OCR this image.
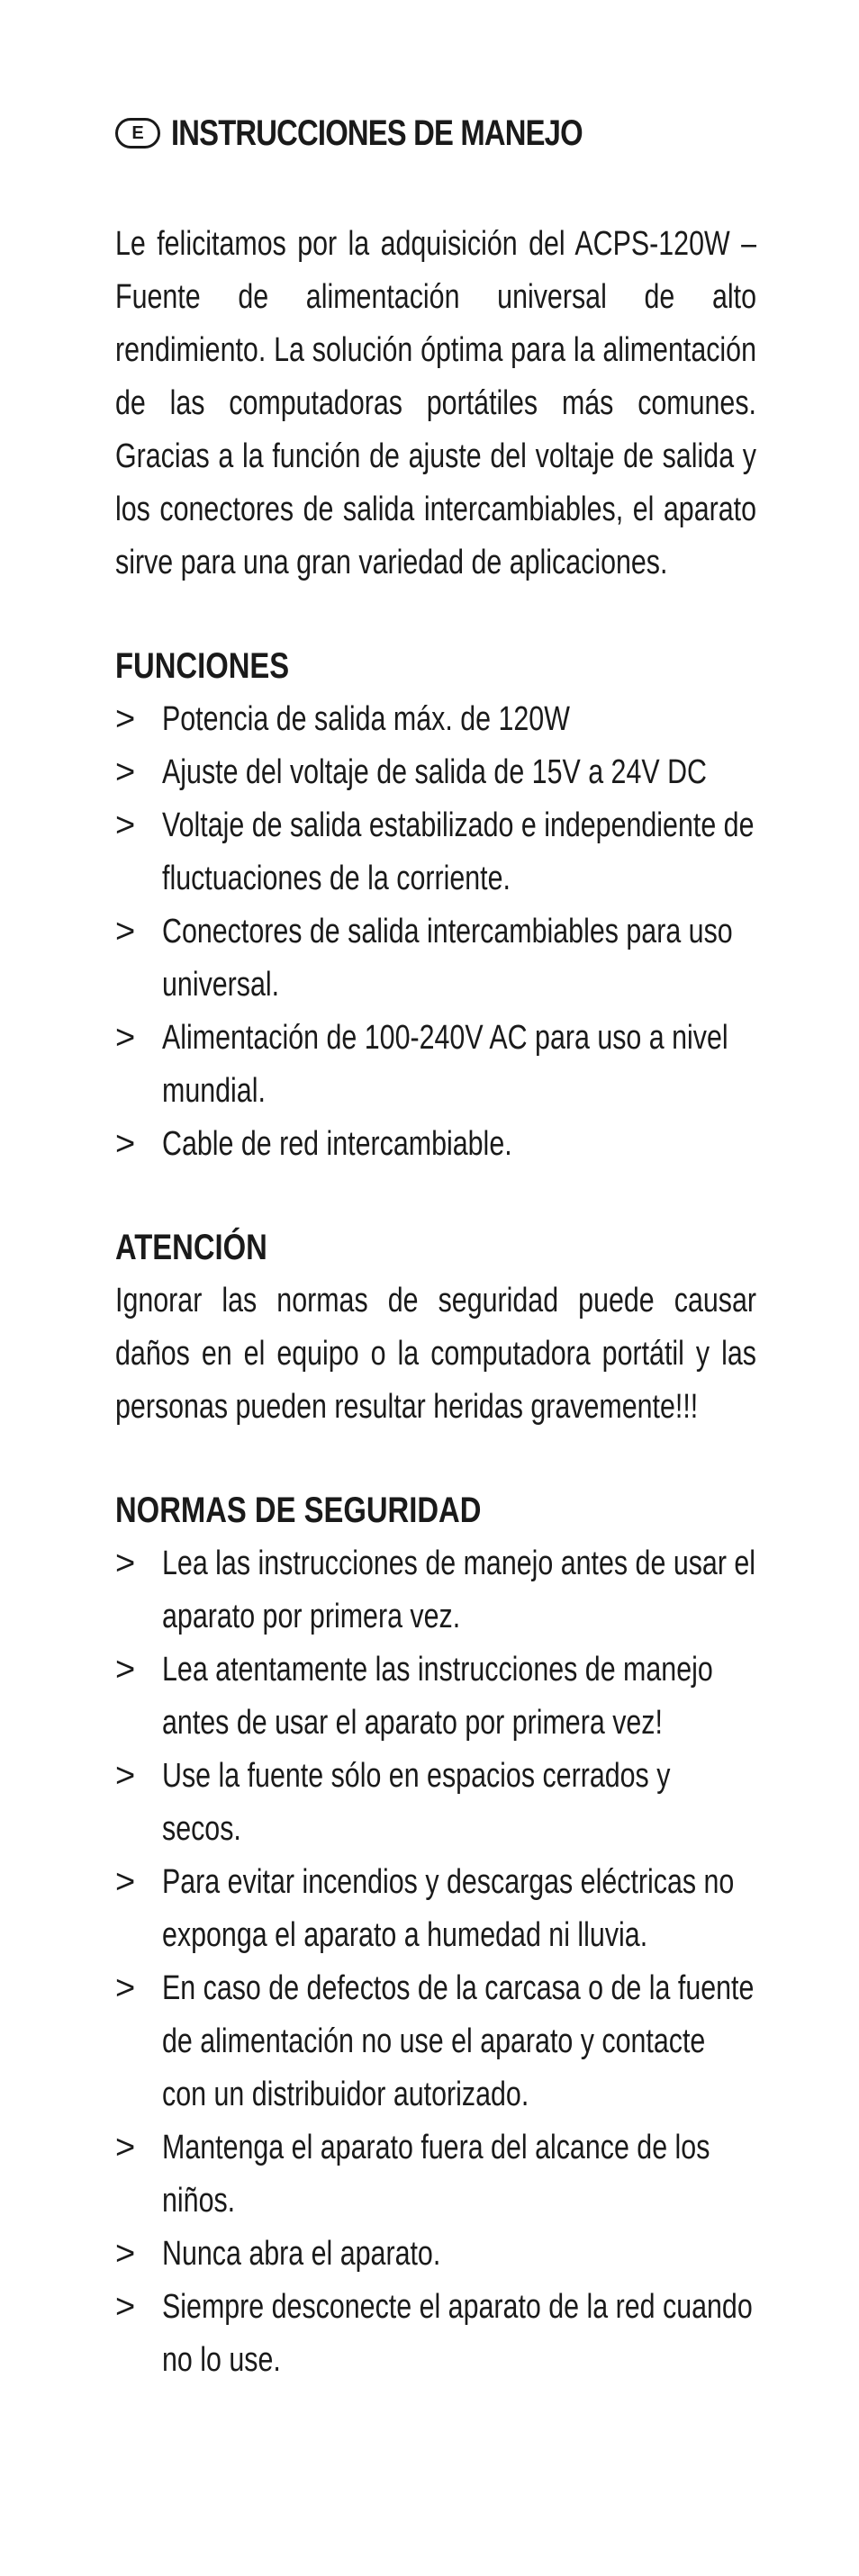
E INSTRUCCIONES DE MANEJO

Le felicitamos por la adquisición del ACPS-120W – Fuente de alimentación universal de alto rendimiento. La solución óptima para la alimentación de las computadoras portátiles más comunes. Gracias a la función de ajuste del voltaje de salida y los conectores de salida intercambiables, el aparato sirve para una gran variedad de aplicaciones.

FUNCIONES
> Potencia de salida máx. de 120W
> Ajuste del voltaje de salida de 15V a 24V DC
> Voltaje de salida estabilizado e independiente de fluctuaciones de la corriente.
> Conectores de salida intercambiables para uso universal.
> Alimentación de 100-240V AC para uso a nivel mundial.
> Cable de red intercambiable.
ATENCIÓN

Ignorar las normas de seguridad puede causar daños en el equipo o la computadora portátil y las personas pueden resultar heridas gravemente!!!

NORMAS DE SEGURIDAD
> Lea las instrucciones de manejo antes de usar el aparato por primera vez.
> Lea atentamente las instrucciones de manejo antes de usar el aparato por primera vez!
> Use la fuente sólo en espacios cerrados y secos.
> Para evitar incendios y descargas eléctricas no exponga el aparato a humedad ni lluvia.
> En caso de defectos de la carcasa o de la fuente de alimentación no use el aparato y contacte con un distribuidor autorizado.
> Mantenga el aparato fuera del alcance de los niños.
> Nunca abra el aparato.
> Siempre desconecte el aparato de la red cuando no lo use.
